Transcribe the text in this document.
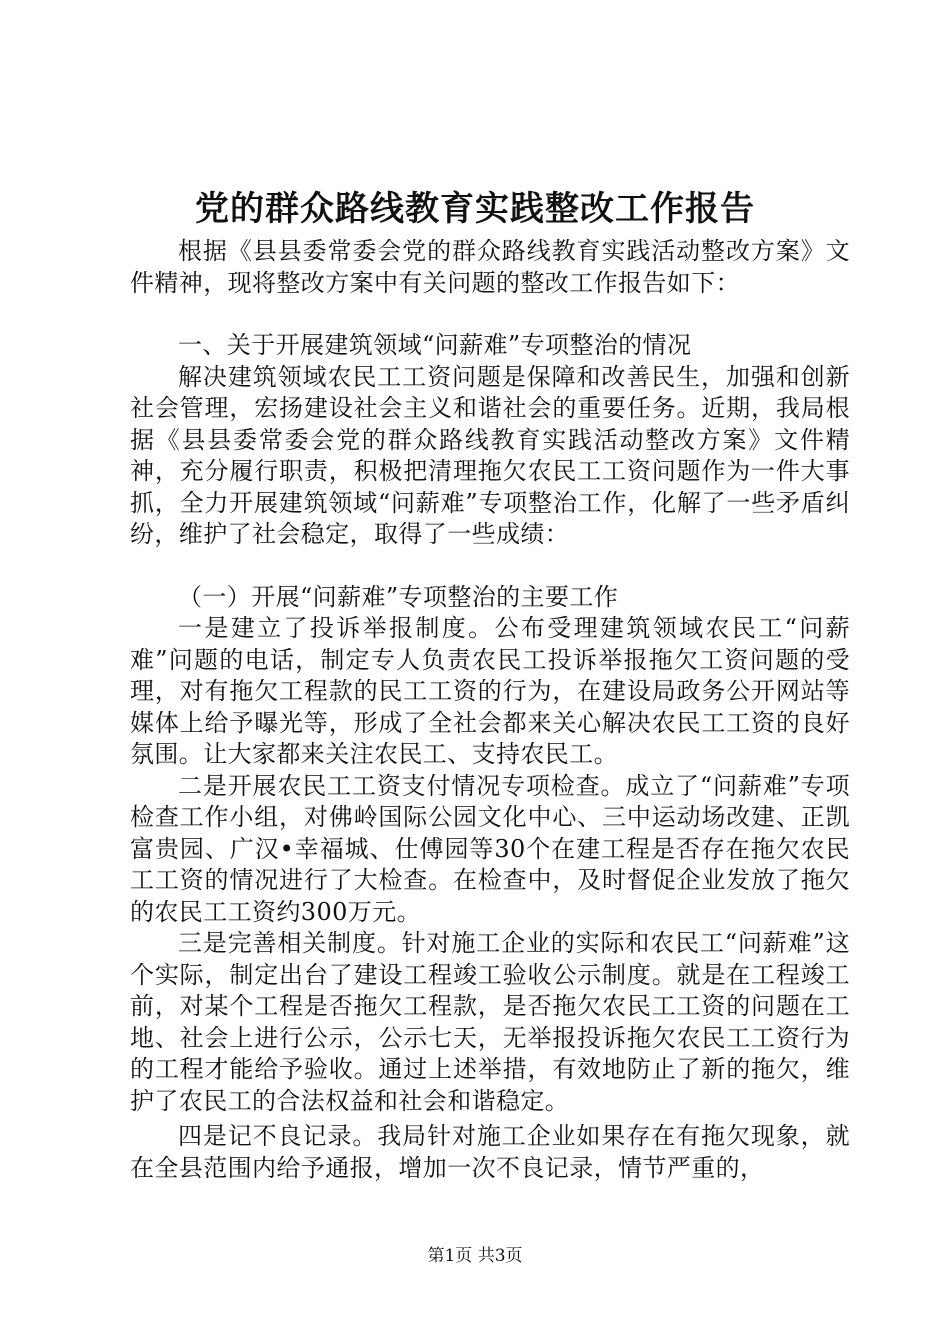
党的群众路线教育实践整改工作报告

根据《县县委常委会党的群众路线教育实践活动整改方案》文件精神，现将整改方案中有关问题的整改工作报告如下：

一、关于开展建筑领域“问薪难”专项整治的情况

解决建筑领域农民工工资问题是保障和改善民生，加强和创新社会管理，宏扬建设社会主义和谐社会的重要任务。近期，我局根据《县县委常委会党的群众路线教育实践活动整改方案》文件精神，充分履行职责，积极把清理拖欠农民工工资问题作为一件大事抓，全力开展建筑领域“问薪难”专项整治工作，化解了一些矛盾纠纷，维护了社会稳定，取得了一些成绩：

（一）开展“问薪难”专项整治的主要工作

一是建立了投诉举报制度。公布受理建筑领域农民工“问薪难”问题的电话，制定专人负责农民工投诉举报拖欠工资问题的受理，对有拖欠工程款的民工工资的行为，在建设局政务公开网站等媒体上给予曝光等，形成了全社会都来关心解决农民工工资的良好氛围。让大家都来关注农民工、支持农民工。

二是开展农民工工资支付情况专项检查。成立了“问薪难”专项检查工作小组，对佛岭国际公园文化中心、三中运动场改建、正凯富贵园、广汉•幸福城、仕傅园等30个在建工程是否存在拖欠农民工工资的情况进行了大检查。在检查中，及时督促企业发放了拖欠的农民工工资约300万元。

三是完善相关制度。针对施工企业的实际和农民工“问薪难”这个实际，制定出台了建设工程竣工验收公示制度。就是在工程竣工前，对某个工程是否拖欠工程款，是否拖欠农民工工资的问题在工地、社会上进行公示，公示七天，无举报投诉拖欠农民工工资行为的工程才能给予验收。通过上述举措，有效地防止了新的拖欠，维护了农民工的合法权益和社会和谐稳定。

四是记不良记录。我局针对施工企业如果存在有拖欠现象，就在全县范围内给予通报，增加一次不良记录，情节严重的，

第1页 共3页
